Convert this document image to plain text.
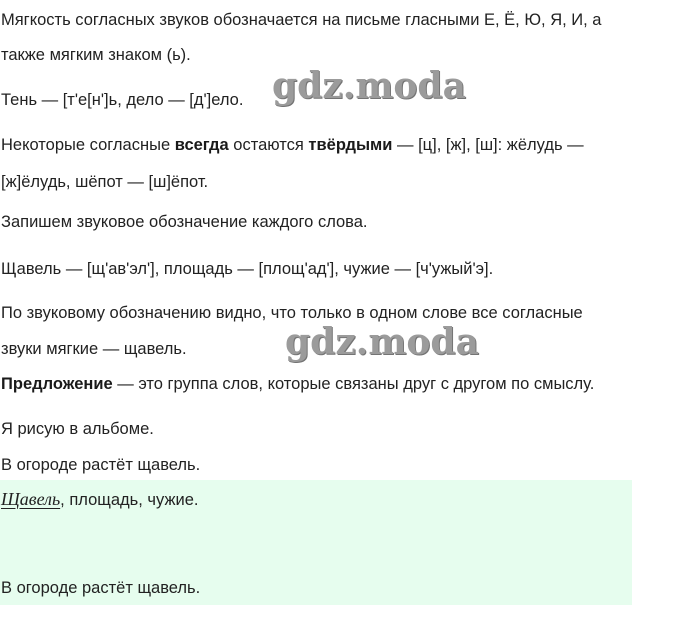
Мягкость согласных звуков обозначается на письме гласными Е, Ё, Ю, Я, И, а
также мягким знаком (ь).
Тень — [т'е[н']ь, дело — [д']ело. gdz.moda
Некоторые согласные всегда остаются твёрдыми — [ц], [ж], [ш]: жёлудь —
[ж]ёлудь, шёпот — [ш]ёпот.
Запишем звуковое обозначение каждого слова.
Щавель — [щ'ав'эл'], площадь — [площ'ад'], чужие — [ч'ужый'э].
По звуковому обозначению видно, что только в одном слове все согласные
звуки мягкие — щавель.	gdz.moda
Предложение — это группа слов, которые связаны друг с другом по смыслу.
Я рисую в альбоме.
В огороде растёт щавель.
Щавель, площадь, чужие.
В огороде растёт щавель.
